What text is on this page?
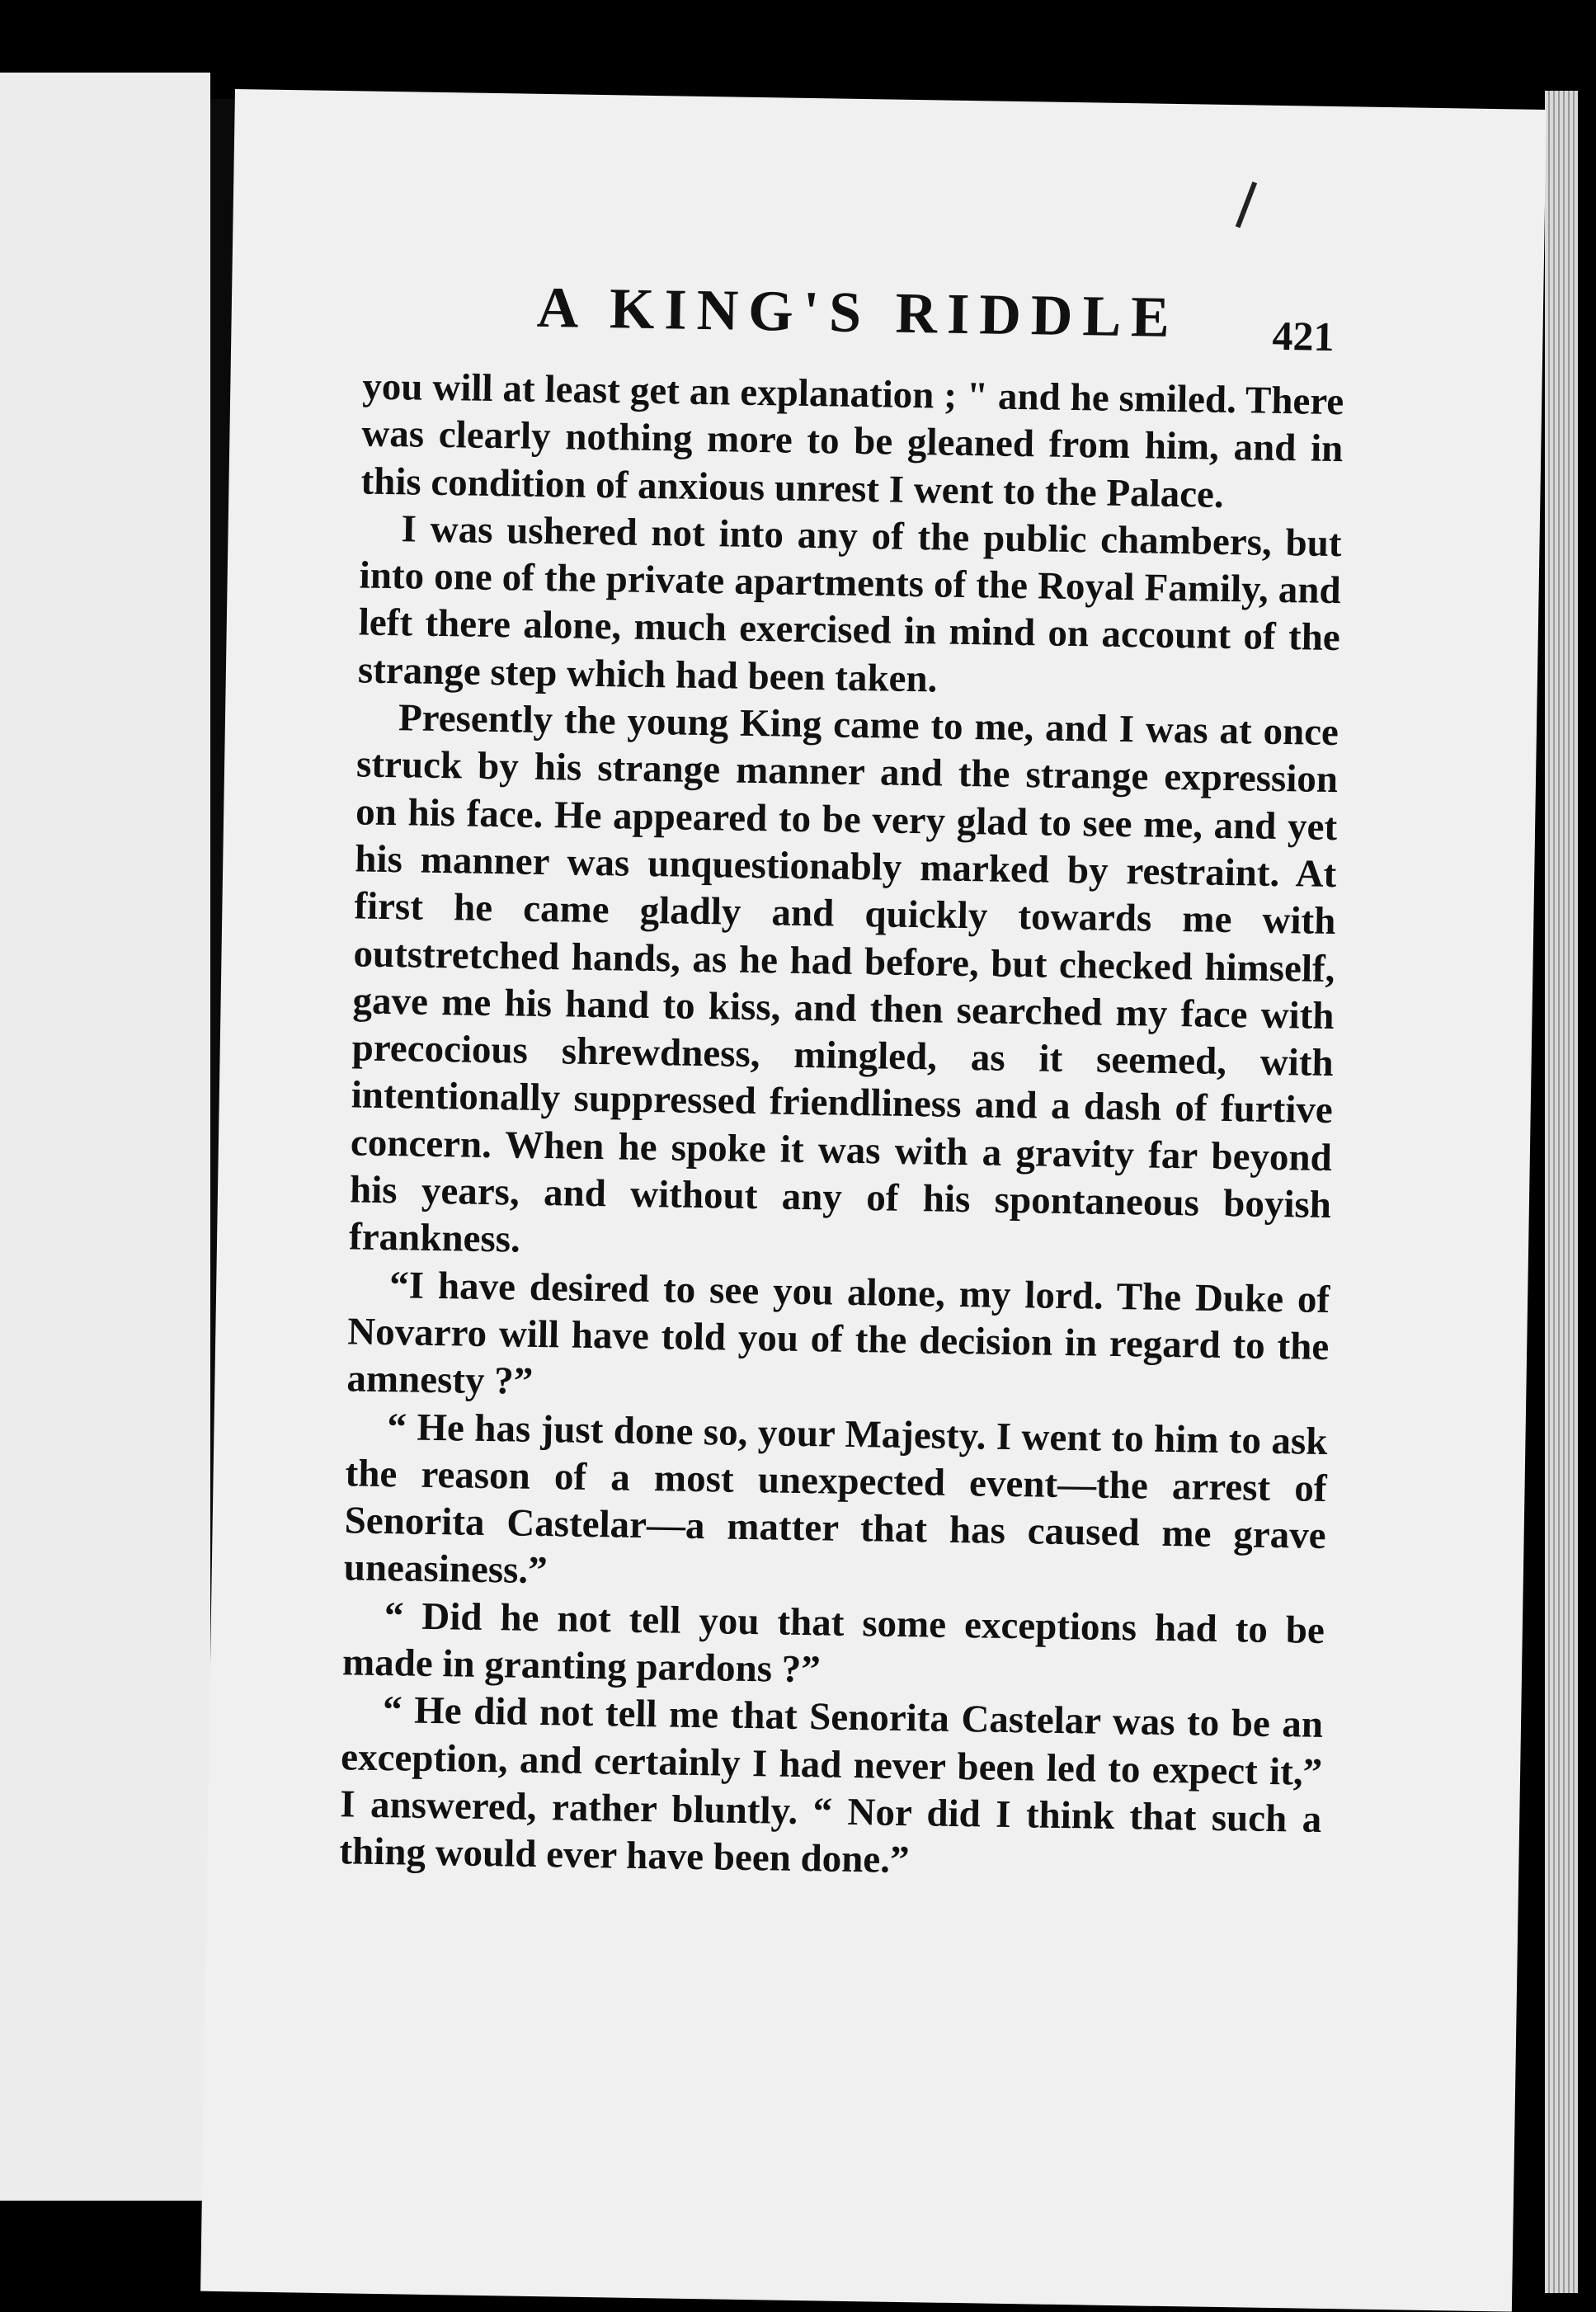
A KING'S RIDDLE 421

you will at least get an explanation ; " and he smiled. There was clearly nothing more to be gleaned from him, and in this condition of anxious unrest I went to the Palace.

I was ushered not into any of the public chambers, but into one of the private apartments of the Royal Family, and left there alone, much exercised in mind on account of the strange step which had been taken.

Presently the young King came to me, and I was at once struck by his strange manner and the strange expression on his face. He appeared to be very glad to see me, and yet his manner was unquestionably marked by restraint. At first he came gladly and quickly towards me with outstretched hands, as he had before, but checked himself, gave me his hand to kiss, and then searched my face with precocious shrewdness, mingled, as it seemed, with intentionally suppressed friendliness and a dash of furtive concern. When he spoke it was with a gravity far beyond his years, and without any of his spontaneous boyish frankness.

“I have desired to see you alone, my lord. The Duke of Novarro will have told you of the decision in regard to the amnesty ?”

“ He has just done so, your Majesty. I went to him to ask the reason of a most unexpected event—the arrest of Senorita Castelar—a matter that has caused me grave uneasiness.”

“ Did he not tell you that some exceptions had to be made in granting pardons ?”

“ He did not tell me that Senorita Castelar was to be an exception, and certainly I had never been led to expect it,” I answered, rather bluntly. “ Nor did I think that such a thing would ever have been done.”
